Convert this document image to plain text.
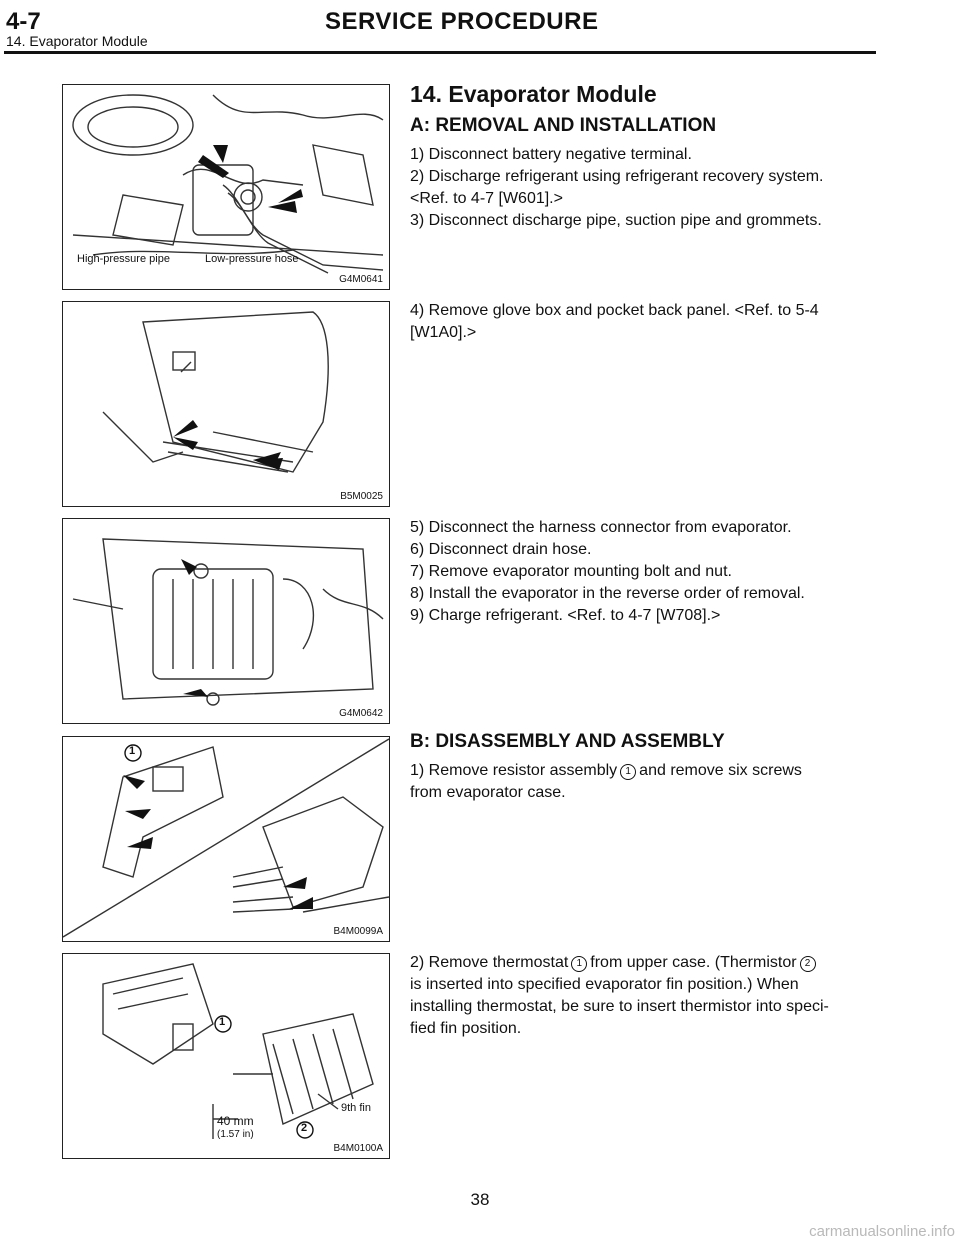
4-7	SERVICE PROCEDURE
14. Evaporator Module
High-pressure pipe	Low-pressure hose
G4M0641
B5M0025
G4M0642
1
B4M0099A
1
2
40 mm
(1.57 in)
9th fin
B4M0100A
14. Evaporator Module
A: REMOVAL AND INSTALLATION

1) Disconnect battery negative terminal.

2) Discharge refrigerant using refrigerant recovery system.

<Ref. to 4-7 [W601].>

3) Disconnect discharge pipe, suction pipe and grommets.

4) Remove glove box and pocket back panel. <Ref. to 5-4

[W1A0].>

5) Disconnect the harness connector from evaporator.

6) Disconnect drain hose.

7) Remove evaporator mounting bolt and nut.

8) Install the evaporator in the reverse order of removal.

9) Charge refrigerant. <Ref. to 4-7 [W708].>

B: DISASSEMBLY AND ASSEMBLY

1) Remove resistor assembly 1 and remove six screws

from evaporator case.

2) Remove thermostat 1 from upper case. (Thermistor 2

is inserted into specified evaporator fin position.) When

installing thermostat, be sure to insert thermistor into speci-

fied fin position.

38
carmanualsonline.info
